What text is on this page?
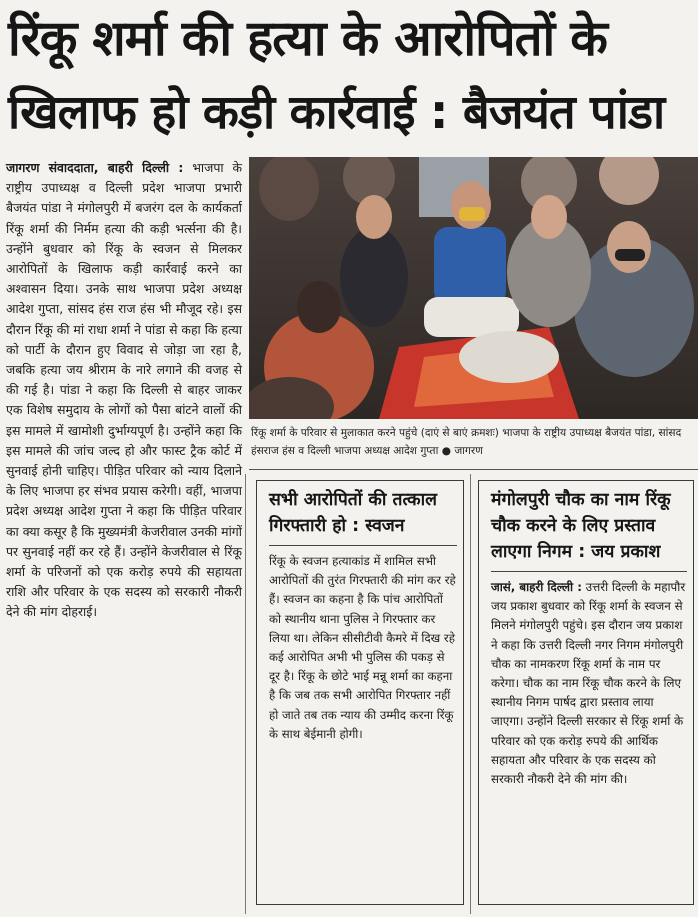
रिंकू शर्मा की हत्या के आरोपितों के
खिलाफ हो कड़ी कार्रवाई : बैजयंत पांडा
जागरण संवाददाता, बाहरी दिल्ली : भाजपा के राष्ट्रीय उपाध्यक्ष व दिल्ली प्रदेश भाजपा प्रभारी बैजयंत पांडा ने मंगोलपुरी में बजरंग दल के कार्यकर्ता रिंकू शर्मा की निर्मम हत्या की कड़ी भर्त्सना की है। उन्होंने बुधवार को रिंकू के स्वजन से मिलकर आरोपितों के खिलाफ कड़ी कार्रवाई करने का अश्वासन दिया। उनके साथ भाजपा प्रदेश अध्यक्ष आदेश गुप्ता, सांसद हंस राज हंस भी मौजूद रहे। इस दौरान रिंकू की मां राधा शर्मा ने पांडा से कहा कि हत्या को पार्टी के दौरान हुए विवाद से जोड़ा जा रहा है, जबकि हत्या जय श्रीराम के नारे लगाने की वजह से की गई है। पांडा ने कहा कि दिल्ली से बाहर जाकर एक विशेष समुदाय के लोगों को पैसा बांटने वालों की इस मामले में खामोशी दुर्भाग्यपूर्ण है। उन्होंने कहा कि इस मामले की जांच जल्द हो और फास्ट ट्रैक कोर्ट में सुनवाई होनी चाहिए। पीड़ित परिवार को न्याय दिलाने के लिए भाजपा हर संभव प्रयास करेगी। वहीं, भाजपा प्रदेश अध्यक्ष आदेश गुप्ता ने कहा कि पीड़ित परिवार का क्या कसूर है कि मुख्यमंत्री केजरीवाल उनकी मांगों पर सुनवाई नहीं कर रहे हैं। उन्होंने केजरीवाल से रिंकू शर्मा के परिजनों को एक करोड़ रुपये की सहायता राशि और परिवार के एक सदस्य को सरकारी नौकरी देने की मांग दोहराई।
रिंकू शर्मा के परिवार से मुलाकात करने पहुंचे (दाएं से बाएं क्रमशः) भाजपा के राष्ट्रीय उपाध्यक्ष बैजयंत पांडा, सांसद हंसराज हंस व दिल्ली भाजपा अध्यक्ष आदेश गुप्ता ● जागरण
सभी आरोपितों की तत्काल गिरफ्तारी हो : स्वजन

रिंकू के स्वजन हत्याकांड में शामिल सभी आरोपितों की तुरंत गिरफ्तारी की मांग कर रहे हैं। स्वजन का कहना है कि पांच आरोपितों को स्थानीय थाना पुलिस ने गिरफ्तार कर लिया था। लेकिन सीसीटीवी कैमरे में दिख रहे कई आरोपित अभी भी पुलिस की पकड़ से दूर है। रिंकू के छोटे भाई मन्नू शर्मा का कहना है कि जब तक सभी आरोपित गिरफ्तार नहीं हो जाते तब तक न्याय की उम्मीद करना रिंकू के साथ बेईमानी होगी।

मंगोलपुरी चौक का नाम रिंकू चौक करने के लिए प्रस्ताव लाएगा निगम : जय प्रकाश

जासं, बाहरी दिल्ली : उत्तरी दिल्ली के महापौर जय प्रकाश बुधवार को रिंकू शर्मा के स्वजन से मिलने मंगोलपुरी पहुंचे। इस दौरान जय प्रकाश ने कहा कि उत्तरी दिल्ली नगर निगम मंगोलपुरी चौक का नामकरण रिंकू शर्मा के नाम पर करेगा। चौक का नाम रिंकू चौक करने के लिए स्थानीय निगम पार्षद द्वारा प्रस्ताव लाया जाएगा। उन्होंने दिल्ली सरकार से रिंकू शर्मा के परिवार को एक करोड़ रुपये की आर्थिक सहायता और परिवार के एक सदस्य को सरकारी नौकरी देने की मांग की।
